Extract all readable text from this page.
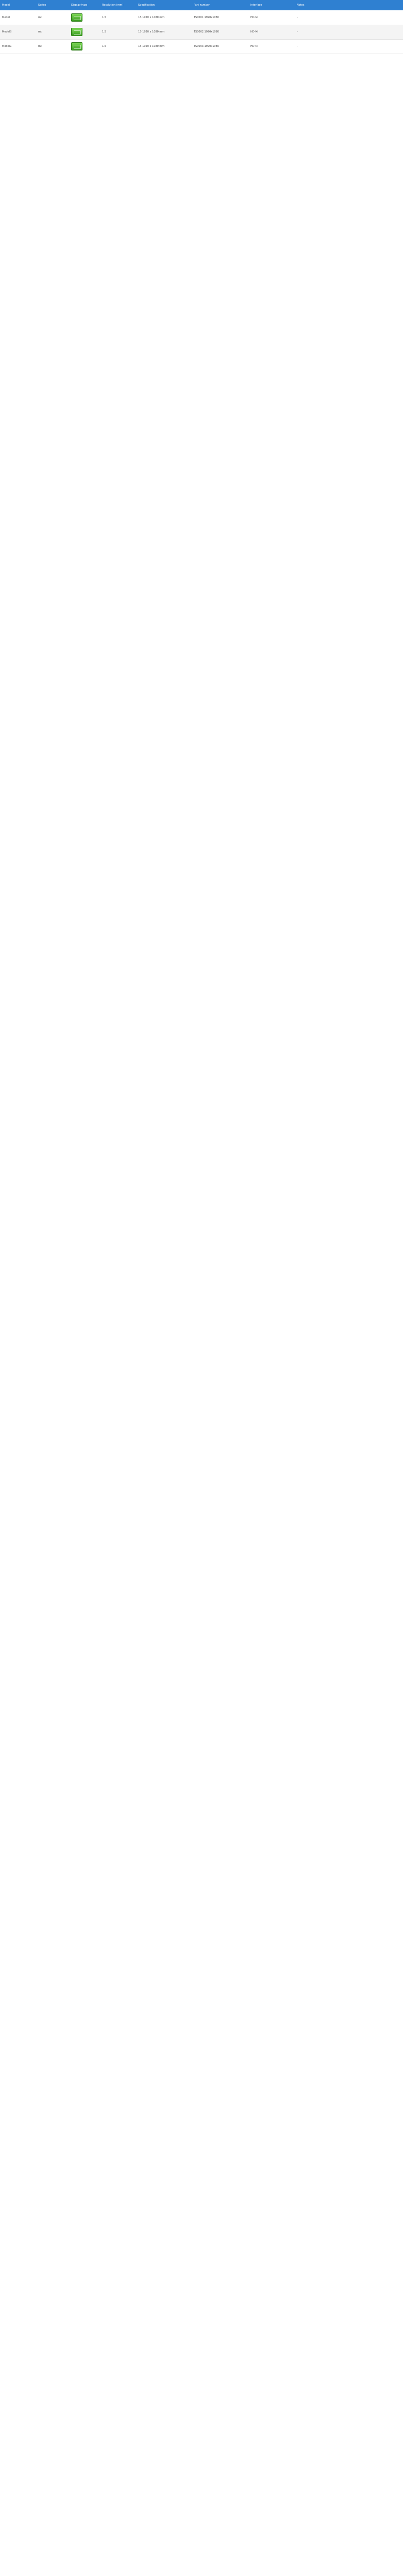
Model	Series	Display type	Resolution (mm)	Specification	Part number	Interface	Notes
Model	mt		1.5	15-1920 x 1080 mm	TS0001 1920x1080	HD-MI	-
ModelB	mt		1.5	15-1920 x 1080 mm	TS0002 1920x1080	HD-MI	-
ModelC	mt		1.5	15-1920 x 1080 mm	TS0003 1920x1080	HD-MI	-
